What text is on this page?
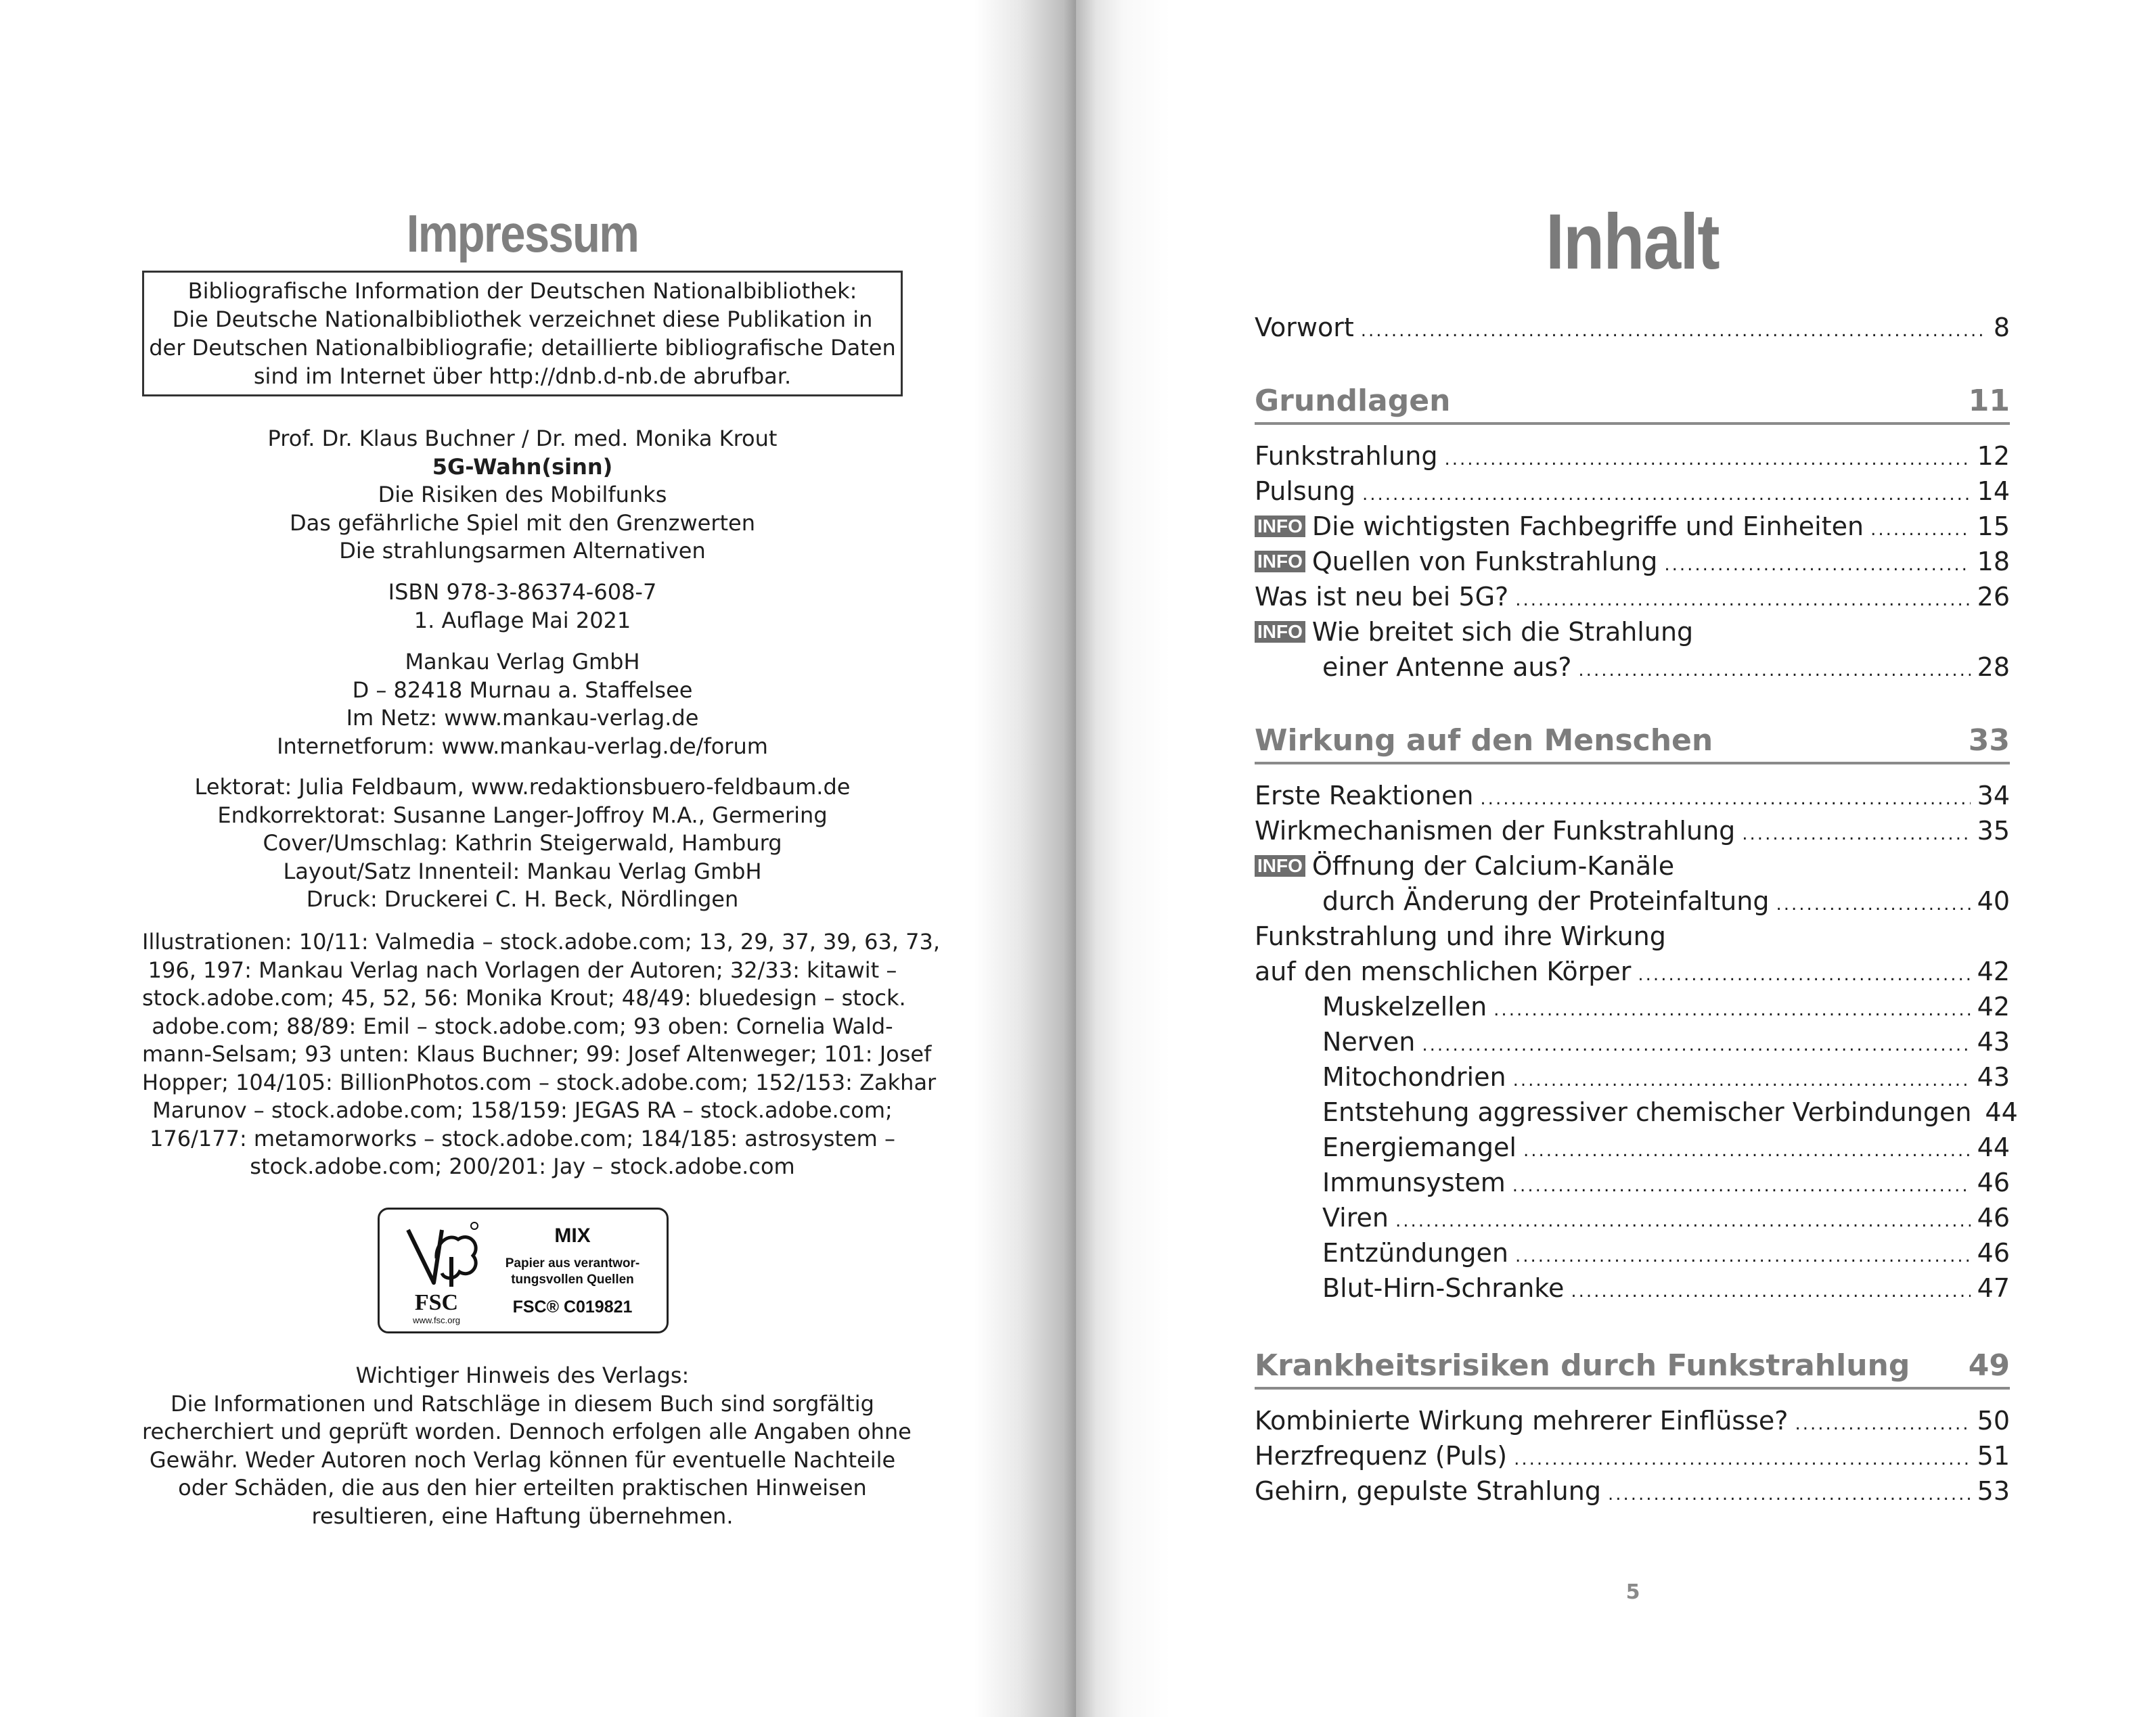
Impressum
Bibliografische Information der Deutschen Nationalbibliothek:
Die Deutsche Nationalbibliothek verzeichnet diese Publikation in
der Deutschen Nationalbibliografie; detaillierte bibliografische Daten
sind im Internet über http://dnb.d-nb.de abrufbar.
Prof. Dr. Klaus Buchner / Dr. med. Monika Krout
5G-Wahn(sinn)
Die Risiken des Mobilfunks
Das gefährliche Spiel mit den Grenzwerten
Die strahlungsarmen Alternativen
ISBN 978-3-86374-608-7
1. Auflage Mai 2021
Mankau Verlag GmbH
D – 82418 Murnau a. Staffelsee
Im Netz: www.mankau-verlag.de
Internetforum: www.mankau-verlag.de/forum
Lektorat: Julia Feldbaum, www.redaktionsbuero-feldbaum.de
Endkorrektorat: Susanne Langer-Joffroy M.A., Germering
Cover/Umschlag: Kathrin Steigerwald, Hamburg
Layout/Satz Innenteil: Mankau Verlag GmbH
Druck: Druckerei C. H. Beck, Nördlingen
Illustrationen: 10/11: Valmedia – stock.adobe.com; 13, 29, 37, 39, 63, 73,
196, 197: Mankau Verlag nach Vorlagen der Autoren; 32/33: kitawit –
stock.adobe.com; 45, 52, 56: Monika Krout; 48/49: bluedesign – stock.
adobe.com; 88/89: Emil – stock.adobe.com; 93 oben: Cornelia Wald-
mann-Selsam; 93 unten: Klaus Buchner; 99: Josef Altenweger; 101: Josef
Hopper; 104/105: BillionPhotos.com – stock.adobe.com; 152/153: Zakhar
Marunov – stock.adobe.com; 158/159: JEGAS RA – stock.adobe.com;
176/177: metamorworks – stock.adobe.com; 184/185: astrosystem –
stock.adobe.com; 200/201: Jay – stock.adobe.com
FSC
www.fsc.org
MIX
Papier aus verantwor-
tungsvollen Quellen
FSC® C019821
Wichtiger Hinweis des Verlags:
Die Informationen und Ratschläge in diesem Buch sind sorgfältig
recherchiert und geprüft worden. Dennoch erfolgen alle Angaben ohne
Gewähr. Weder Autoren noch Verlag können für eventuelle Nachteile
oder Schäden, die aus den hier erteilten praktischen Hinweisen
resultieren, eine Haftung übernehmen.
Inhalt
Vorwort .....	8
Grundlagen	11
Funkstrahlung .....	12
Pulsung .....	14
INFO Die wichtigsten Fachbegriffe und Einheiten .....	15
INFO Quellen von Funkstrahlung .....	18
Was ist neu bei 5G? .....	26
INFO Wie breitet sich die Strahlung
einer Antenne aus? .....	28
Wirkung auf den Menschen	33
Erste Reaktionen .....	34
Wirkmechanismen der Funkstrahlung .....	35
INFO Öffnung der Calcium-Kanäle
durch Änderung der Proteinfaltung .....	40
Funkstrahlung und ihre Wirkung
auf den menschlichen Körper .....	42
Muskelzellen .....	42
Nerven .....	43
Mitochondrien .....	43
Entstehung aggressiver chemischer Verbindungen 44
Energiemangel .....	44
Immunsystem .....	46
Viren .....	46
Entzündungen .....	46
Blut-Hirn-Schranke .....	47
Krankheitsrisiken durch Funkstrahlung 49
Kombinierte Wirkung mehrerer Einflüsse? .....	50
Herzfrequenz (Puls) .....	51
Gehirn, gepulste Strahlung .....	53
5
